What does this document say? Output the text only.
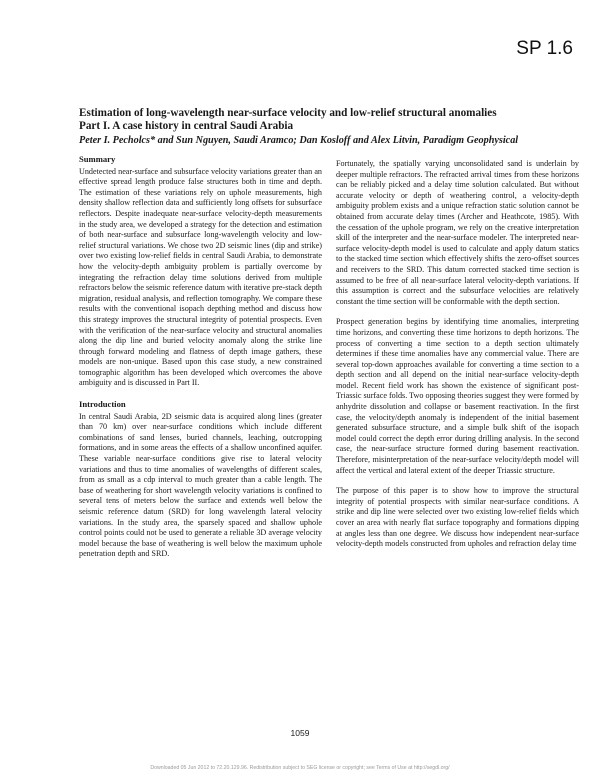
SP 1.6

Estimation of long-wavelength near-surface velocity and low-relief structural anomalies

Part I. A case history in central Saudi Arabia

Peter I. Pecholcs* and Sun Nguyen, Saudi Aramco; Dan Kosloff and Alex Litvin, Paradigm Geophysical

Summary

Undetected near-surface and subsurface velocity variations greater than an effective spread length produce false structures both in time and depth. The estimation of these variations rely on uphole measurements, high density shallow reflection data and sufficiently long offsets for subsurface reflectors. Despite inadequate near-surface velocity-depth measurements in the study area, we developed a strategy for the detection and estimation of both near-surface and subsurface long-wavelength velocity and low-relief structural variations. We chose two 2D seismic lines (dip and strike) over two existing low-relief fields in central Saudi Arabia, to demonstrate how the velocity-depth ambiguity problem is partially overcome by integrating the refraction delay time solutions derived from multiple refractors below the seismic reference datum with iterative pre-stack depth migration, residual analysis, and reflection tomography. We compare these results with the conventional isopach depthing method and discuss how this strategy improves the structural integrity of potential prospects. Even with the verification of the near-surface velocity and structural anomalies along the dip line and buried velocity anomaly along the strike line through forward modeling and flatness of depth image gathers, these models are non-unique. Based upon this case study, a new constrained tomographic algorithm has been developed which overcomes the above ambiguity and is discussed in Part II.

Introduction

In central Saudi Arabia, 2D seismic data is acquired along lines (greater than 70 km) over near-surface conditions which include different combinations of sand lenses, buried channels, leaching, outcropping formations, and in some areas the effects of a shallow unconfined aquifer. These variable near-surface conditions give rise to lateral velocity variations and thus to time anomalies of wavelengths of different scales, from as small as a cdp interval to much greater than a cable length. The base of weathering for short wavelength velocity variations is confined to several tens of meters below the surface and extends well below the seismic reference datum (SRD) for long wavelength lateral velocity variations. In the study area, the sparsely spaced and shallow uphole control points could not be used to generate a reliable 3D average velocity model because the base of weathering is well below the maximum uphole penetration depth and SRD.

Fortunately, the spatially varying unconsolidated sand is underlain by deeper multiple refractors. The refracted arrival times from these horizons can be reliably picked and a delay time solution calculated. But without accurate velocity or depth of weathering control, a velocity-depth ambiguity problem exists and a unique refraction static solution cannot be obtained from accurate delay times (Archer and Heathcote, 1985). With the cessation of the uphole program, we rely on the creative interpretation skill of the interpreter and the near-surface modeler. The interpreted near-surface velocity-depth model is used to calculate and apply datum statics to the stacked time section which effectively shifts the zero-offset sources and receivers to the SRD. This datum corrected stacked time section is assumed to be free of all near-surface lateral velocity-depth variations. If this assumption is correct and the subsurface velocities are relatively constant the time section will be conformable with the depth section.

Prospect generation begins by identifying time anomalies, interpreting time horizons, and converting these time horizons to depth horizons. The process of converting a time section to a depth section ultimately determines if these time anomalies have any commercial value. There are several top-down approaches available for converting a time section to a depth section and all depend on the initial near-surface velocity-depth model. Recent field work has shown the existence of significant post-Triassic surface folds. Two opposing theories suggest they were formed by anhydrite dissolution and collapse or basement reactivation. In the first case, the velocity/depth anomaly is independent of the initial basement generated subsurface structure, and a simple bulk shift of the isopach model could correct the depth error during drilling analysis. In the second case, the near-surface structure formed during basement reactivation. Therefore, misinterpretation of the near-surface velocity/depth model will affect the vertical and lateral extent of the deeper Triassic structure.

The purpose of this paper is to show how to improve the structural integrity of potential prospects with similar near-surface conditions. A strike and dip line were selected over two existing low-relief fields which cover an area with nearly flat surface topography and formations dipping at angles less than one degree. We discuss how independent near-surface velocity-depth models constructed from upholes and refraction delay time

1059
Downloaded 05 Jun 2012 to 72.20.129.96. Redistribution subject to SEG license or copyright; see Terms of Use at http://segdl.org/
